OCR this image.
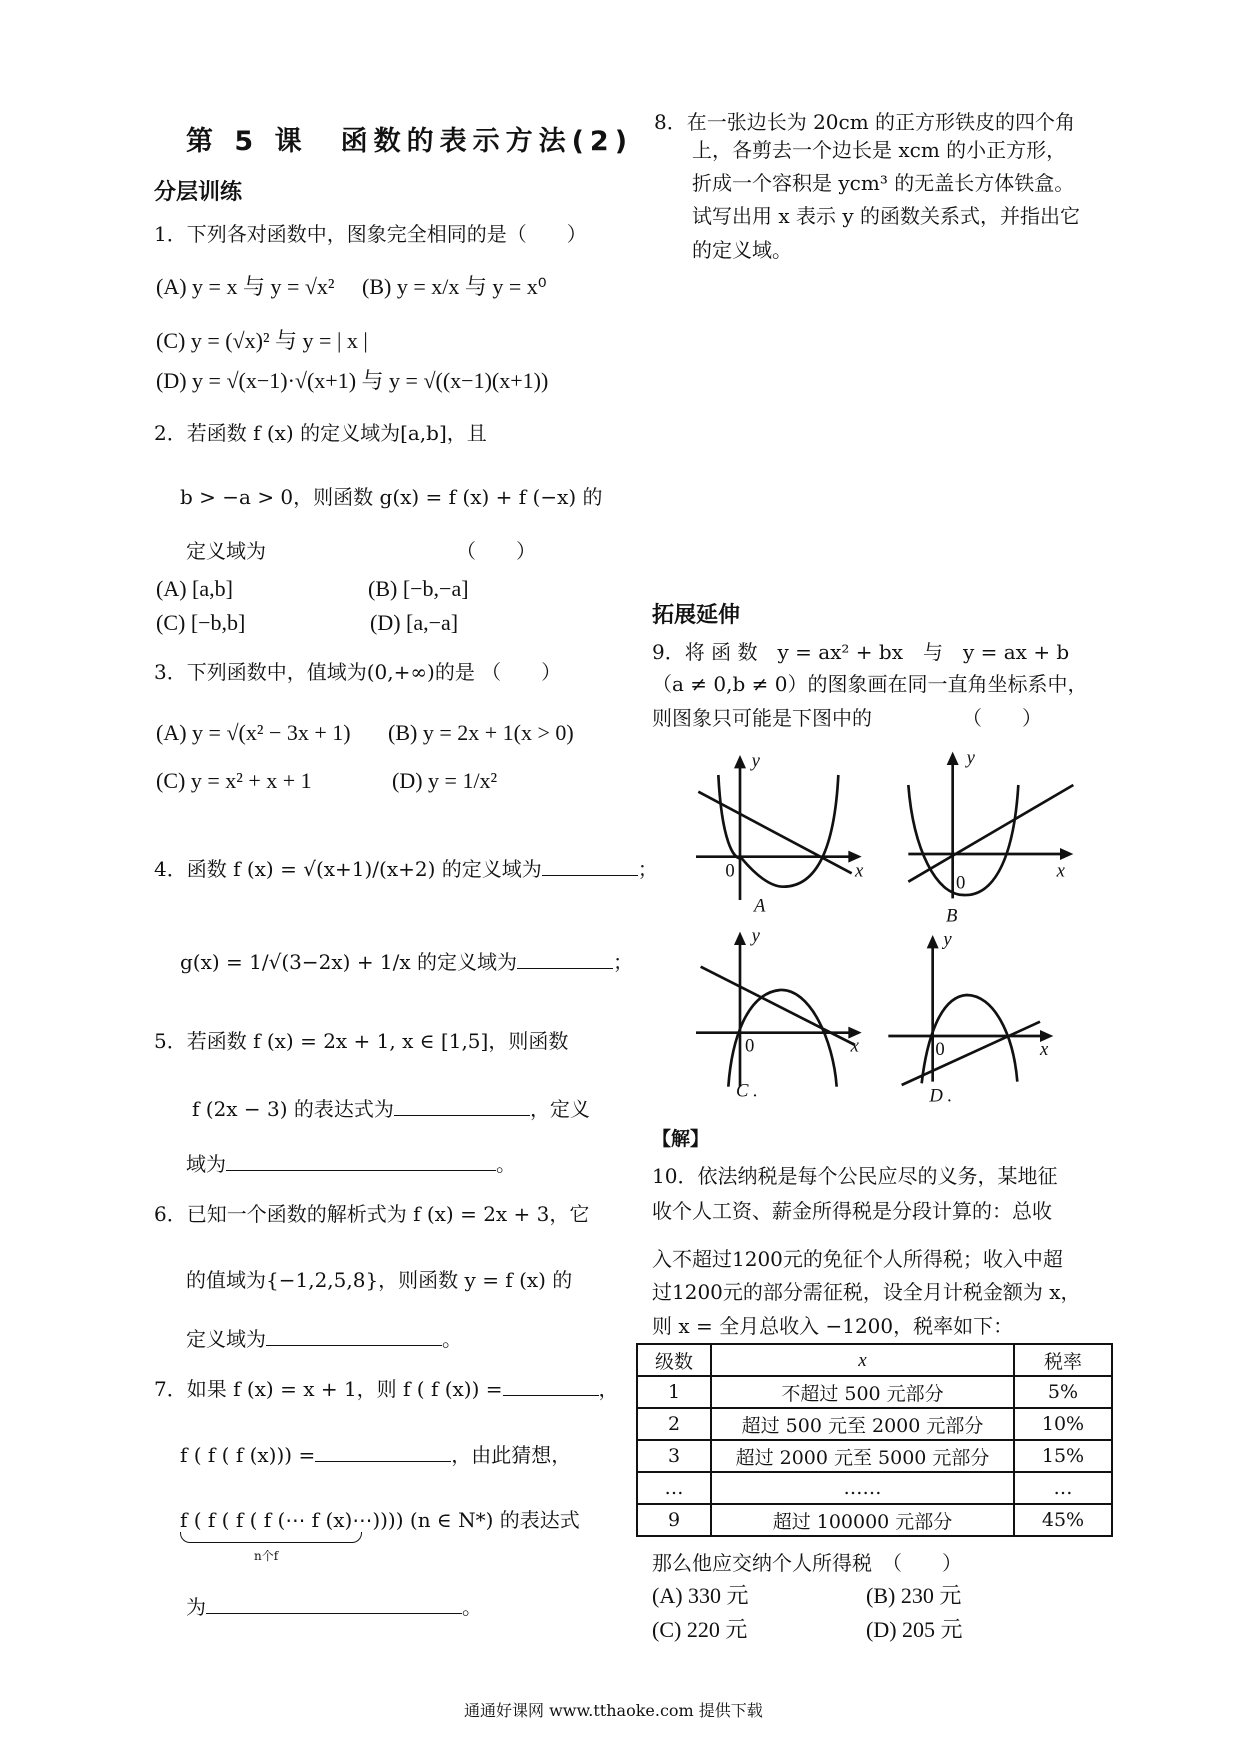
第 5 课　函数的表示方法(2)
分层训练
1．下列各对函数中，图象完全相同的是（　　）
(A) y = x 与 y = √x²　 (B) y = x/x 与 y = x⁰
(C) y = (√x)² 与 y = | x |
(D) y = √(x−1)·√(x+1) 与 y = √((x−1)(x+1))
2．若函数 f (x) 的定义域为[a,b]，且
b > −a > 0，则函数 g(x) = f (x) + f (−x) 的
定义域为　　　　　　　　　　（　　）
(A) [a,b]	(B) [−b,−a]
(C) [−b,b]	(D) [a,−a]
3．下列函数中，值域为(0,+∞)的是 （　　）
(A) y = √(x² − 3x + 1) (B) y = 2x + 1(x > 0)
(C) y = x² + x + 1	(D) y = 1/x²
4．函数 f (x) = √(x+1)/(x+2) 的定义域为	；
g(x) = 1/√(3−2x) + 1/x 的定义域为	；
5．若函数 f (x) = 2x + 1, x ∈ [1,5]，则函数
f (2x − 3) 的表达式为	，定义
域为	。
6．已知一个函数的解析式为 f (x) = 2x + 3，它
的值域为{−1,2,5,8}，则函数 y = f (x) 的
定义域为	。
7．如果 f (x) = x + 1，则 f ( f (x)) =	，
f ( f ( f (x))) =	，由此猜想，
f ( f ( f ( f (⋯ f (x)⋯)))) (n ∈ N*) 的表达式
n个f
为	。
8．在一张边长为 20cm 的正方形铁皮的四个角
上，各剪去一个边长是 xcm 的小正方形，
折成一个容积是 ycm³ 的无盖长方体铁盒。
试写出用 x 表示 y 的函数关系式，并指出它
的定义域。
拓展延伸
9．将 函 数　y = ax² + bx　与　y = ax + b
（a ≠ 0,b ≠ 0）的图象画在同一直角坐标系中，
则图象只可能是下图中的　　　　　（　　）
y
x
0
A
y
x
0
B
y
x
0
C .
y
x
0
D .
【解】
10．依法纳税是每个公民应尽的义务，某地征
收个人工资、薪金所得税是分段计算的：总收
入不超过1200元的免征个人所得税；收入中超
过1200元的部分需征税，设全月计税金额为 x，
则 x = 全月总收入 −1200，税率如下：
级数	x	税率
1	不超过 500 元部分	5%
2	超过 500 元至 2000 元部分	10%
3	超过 2000 元至 5000 元部分	15%
…	……	…
9	超过 100000 元部分	45%
那么他应交纳个人所得税　（　　）
(A) 330 元	(B) 230 元
(C) 220 元	(D) 205 元
通通好课网 www.tthaoke.com 提供下载
